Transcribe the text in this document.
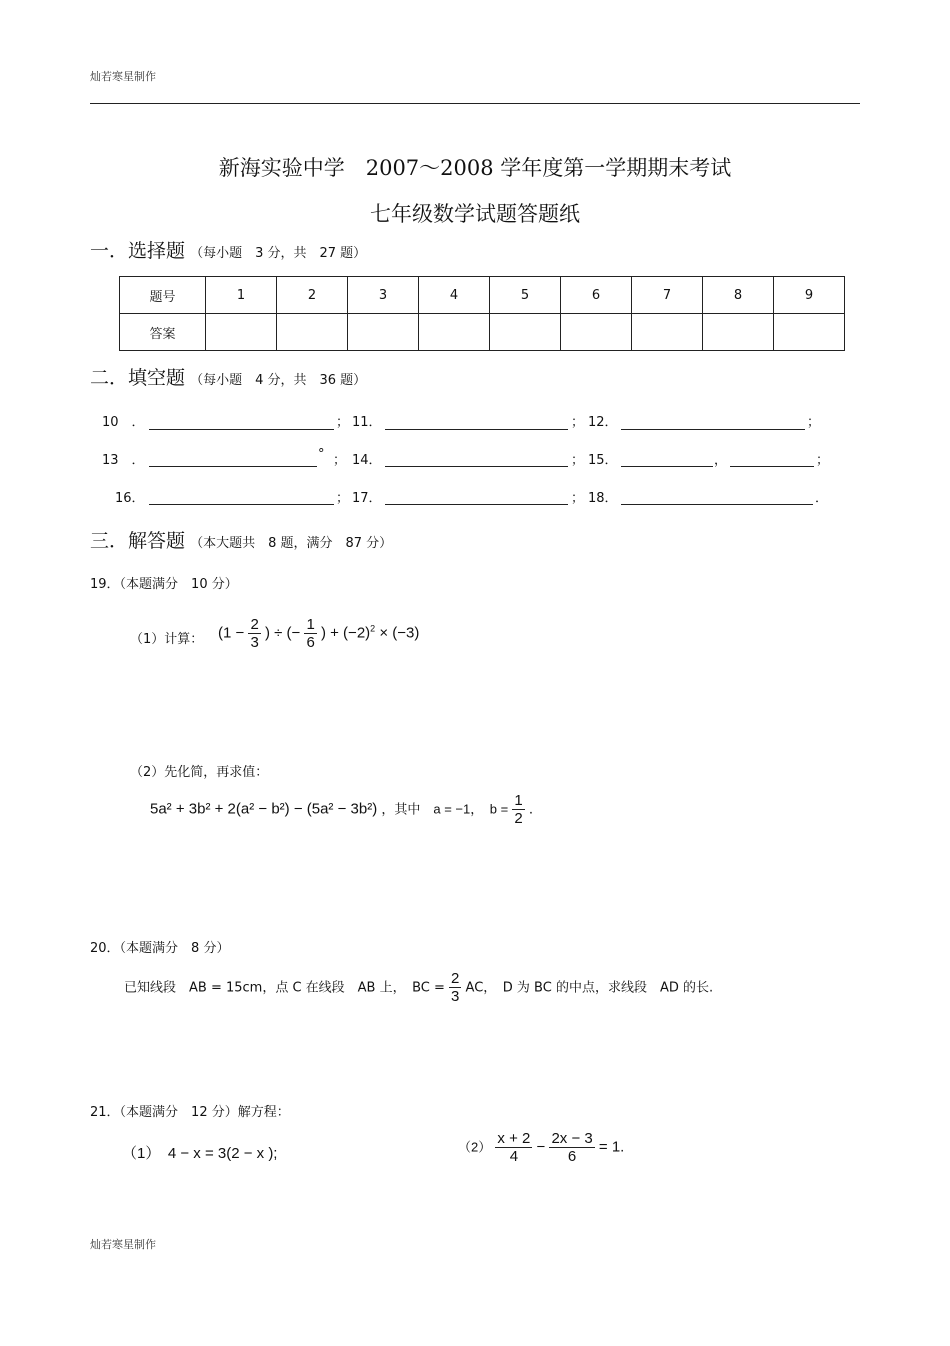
灿若寒星制作
新海实验中学　2007～2008 学年度第一学期期末考试
七年级数学试题答题纸
一．选择题 （每小题　3 分，共　27 题）
题号	1	2	3	4	5	6	7	8	9
答案									
二．填空题 （每小题　4 分，共　36 题）
10　．	； 11．	； 12．	；
13　．	° ； 14．	； 15．	，	；
16．	； 17．	； 18．	．
三．解答题 （本大题共　8 题，满分　87 分）
19．（本题满分　10 分）
（1）计算： ($1 - \frac{2}{3}$ ) ÷ (− $\frac{1}{6}$ ) + $(-2)^2 \times (-3)$
（2）先化简，再求值：
5a² + 3b² + 2(a² − b²) − (5a² − 3b²) ，其中　a = −1，　$b = \frac{1}{2}$ .
20．（本题满分　8 分）
已知线段　AB = 15cm，点 C 在线段　AB 上，　BC = $\frac{2}{3}$ AC，　D 为 BC 的中点，求线段　AD 的长.
21．（本题满分　12 分）解方程：
（1）　4 − x = 3(2 − x );	$(2) \frac{x + 2}{4} - \frac{2x - 3}{6} = 1$.
灿若寒星制作
